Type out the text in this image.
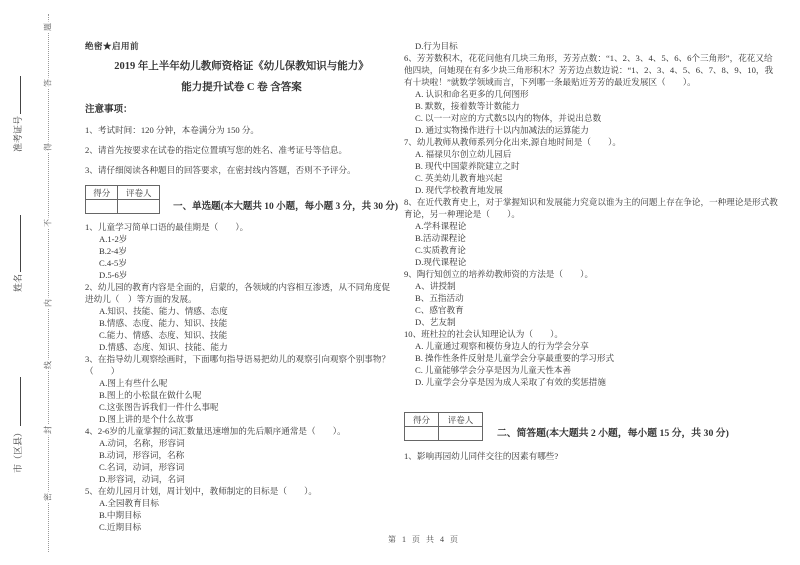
题
答
得
不
内
线
封
密
准考证号
姓名
市（区县）
绝密★启用前
2019 年上半年幼儿教师资格证《幼儿保教知识与能力》
能力提升试卷 C 卷 含答案
注意事项：

1、考试时间：120 分钟，本卷满分为 150 分。

2、请首先按要求在试卷的指定位置填写您的姓名、准考证号等信息。

3、请仔细阅读各种题目的回答要求，在密封线内答题，否则不予评分。

得分	评卷人

一、单选题(本大题共 10 小题，每小题 3 分，共 30 分)

1、儿童学习简单口语的最佳期是（　　）。

A.1-2岁

B.2-4岁

C.4-5岁

D.5-6岁

2、幼儿园的教育内容是全面的，启蒙的，各领域的内容相互渗透，从不同角度促进幼儿（　）等方面的发展。

A.知识、技能、能力、情感、态度

B.情感、态度、能力、知识、技能

C.能力、情感、态度、知识、技能

D.情感、态度、知识、技能、能力

3、在指导幼儿观察绘画时，下面哪句指导语易把幼儿的观察引向观察个别事物？（　　）

A.图上有些什么呢

B.图上的小松鼠在做什么呢

C.这张图告诉我们一件什么事呢

D.图上讲的是个什么故事

4、2-6岁的儿童掌握的词汇数量迅速增加的先后顺序通常是（　　）。

A.动词，名称，形容词

B.动词，形容词，名称

C.名词，动词，形容词

D.形容词，动词，名词

5、在幼儿园月计划，周计划中，教师制定的目标是（　　）。

A.全园教育目标

B.中期目标

C.近期目标

D.行为目标

6、芳芳数积木，花花问他有几块三角形，芳芳点数：“1、2、3、4、5、6、6个三角形”，花花又给他四块，问她现在有多少块三角形积木？芳芳边点数边说：“1、2、3、4、5、6、7、8、9、10，我有十块啦！”就数学领域而言，下列哪一条最贴近芳芳的最近发展区（　　）。

A. 认识和命名更多的几何图形

B. 默数，接着数等计数能力

C. 以一一对应的方式数5以内的物体，并说出总数

D. 通过实物操作进行十以内加减法的运算能力

7、幼儿教师从教师系列分化出来,源自地时间是（　　）。

A. 福禄贝尔创立幼儿园后

B. 现代中国蒙养院建立之时

C. 英美幼儿教育地兴起

D. 现代学校教育地发展

8、在近代教育史上，对于掌握知识和发展能力究竟以谁为主的问题上存在争论，一种理论是形式教育论，另一种理论是（　　）。

A.学科课程论

B.活动课程论

C.实质教育论

D.现代课程论

9、陶行知创立的培养幼教师资的方法是（　　）。

A、讲授制

B、五指活动

C、感官教育

D、艺友制

10、班杜拉的社会认知理论认为（　　）。

A. 儿童通过观察和模仿身边人的行为学会分享

B. 操作性条件反射是儿童学会分享最重要的学习形式

C. 儿童能够学会分享是因为儿童天性本善

D. 儿童学会分享是因为成人采取了有效的奖惩措施

得分	评卷人

二、简答题(本大题共 2 小题，每小题 15 分，共 30 分)

1、影响再园幼儿同伴交往的因素有哪些?

第 1 页 共 4 页
